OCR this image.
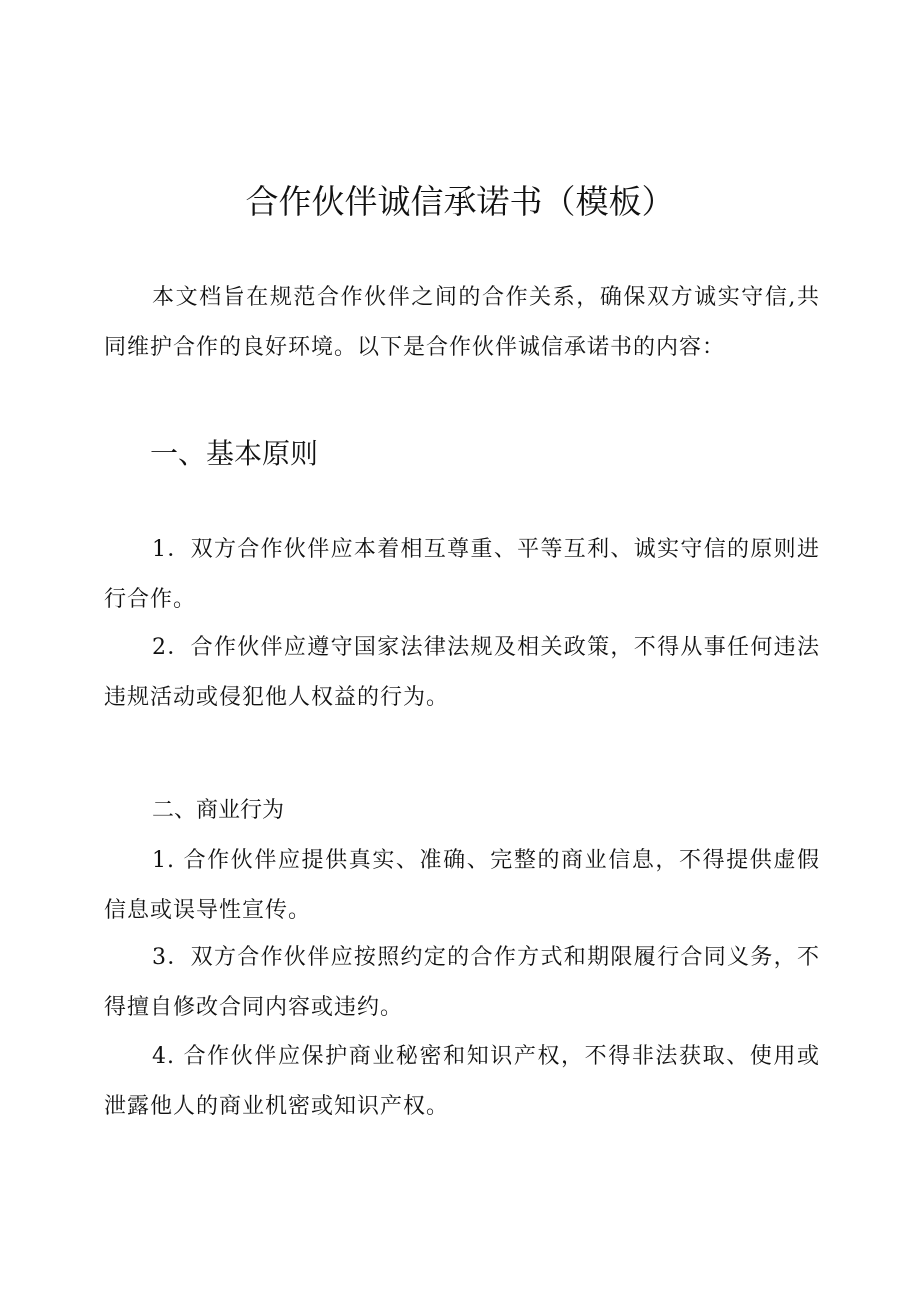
合作伙伴诚信承诺书（模板）

本文档旨在规范合作伙伴之间的合作关系，确保双方诚实守信,共同维护合作的良好环境。以下是合作伙伴诚信承诺书的内容：

一、基本原则

1．双方合作伙伴应本着相互尊重、平等互利、诚实守信的原则进行合作。

2．合作伙伴应遵守国家法律法规及相关政策，不得从事任何违法违规活动或侵犯他人权益的行为。

二、商业行为

1. 合作伙伴应提供真实、准确、完整的商业信息，不得提供虚假信息或误导性宣传。

3．双方合作伙伴应按照约定的合作方式和期限履行合同义务，不得擅自修改合同内容或违约。

4. 合作伙伴应保护商业秘密和知识产权，不得非法获取、使用或泄露他人的商业机密或知识产权。
